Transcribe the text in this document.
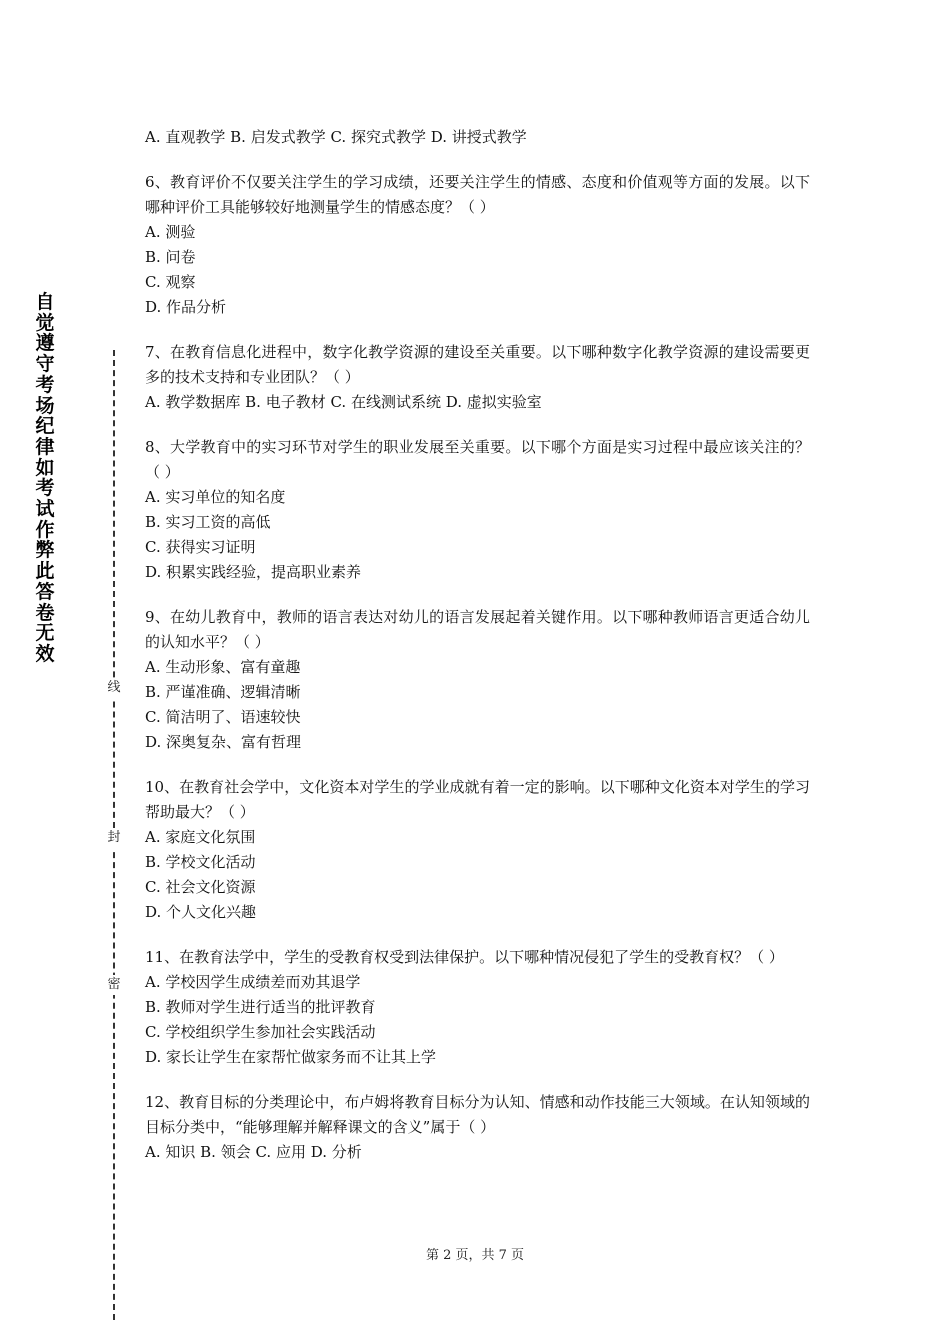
自觉遵守考场纪律如考试作弊此答卷无效
线
封
密
A. 直观教学 B. 启发式教学 C. 探究式教学 D. 讲授式教学
6、教育评价不仅要关注学生的学习成绩，还要关注学生的情感、态度和价值观等方面的发展。以下哪种评价工具能够较好地测量学生的情感态度？（ ）
A. 测验
B. 问卷
C. 观察
D. 作品分析
7、在教育信息化进程中，数字化教学资源的建设至关重要。以下哪种数字化教学资源的建设需要更多的技术支持和专业团队？（ ）
A. 教学数据库 B. 电子教材 C. 在线测试系统 D. 虚拟实验室
8、大学教育中的实习环节对学生的职业发展至关重要。以下哪个方面是实习过程中最应该关注的？（ ）
A. 实习单位的知名度
B. 实习工资的高低
C. 获得实习证明
D. 积累实践经验，提高职业素养
9、在幼儿教育中，教师的语言表达对幼儿的语言发展起着关键作用。以下哪种教师语言更适合幼儿的认知水平？（ ）
A. 生动形象、富有童趣
B. 严谨准确、逻辑清晰
C. 简洁明了、语速较快
D. 深奥复杂、富有哲理
10、在教育社会学中，文化资本对学生的学业成就有着一定的影响。以下哪种文化资本对学生的学习帮助最大？（ ）
A. 家庭文化氛围
B. 学校文化活动
C. 社会文化资源
D. 个人文化兴趣
11、在教育法学中，学生的受教育权受到法律保护。以下哪种情况侵犯了学生的受教育权？（ ）
A. 学校因学生成绩差而劝其退学
B. 教师对学生进行适当的批评教育
C. 学校组织学生参加社会实践活动
D. 家长让学生在家帮忙做家务而不让其上学
12、教育目标的分类理论中，布卢姆将教育目标分为认知、情感和动作技能三大领域。在认知领域的目标分类中，“能够理解并解释课文的含义”属于（ ）
A. 知识 B. 领会 C. 应用 D. 分析
第 2 页，共 7 页
